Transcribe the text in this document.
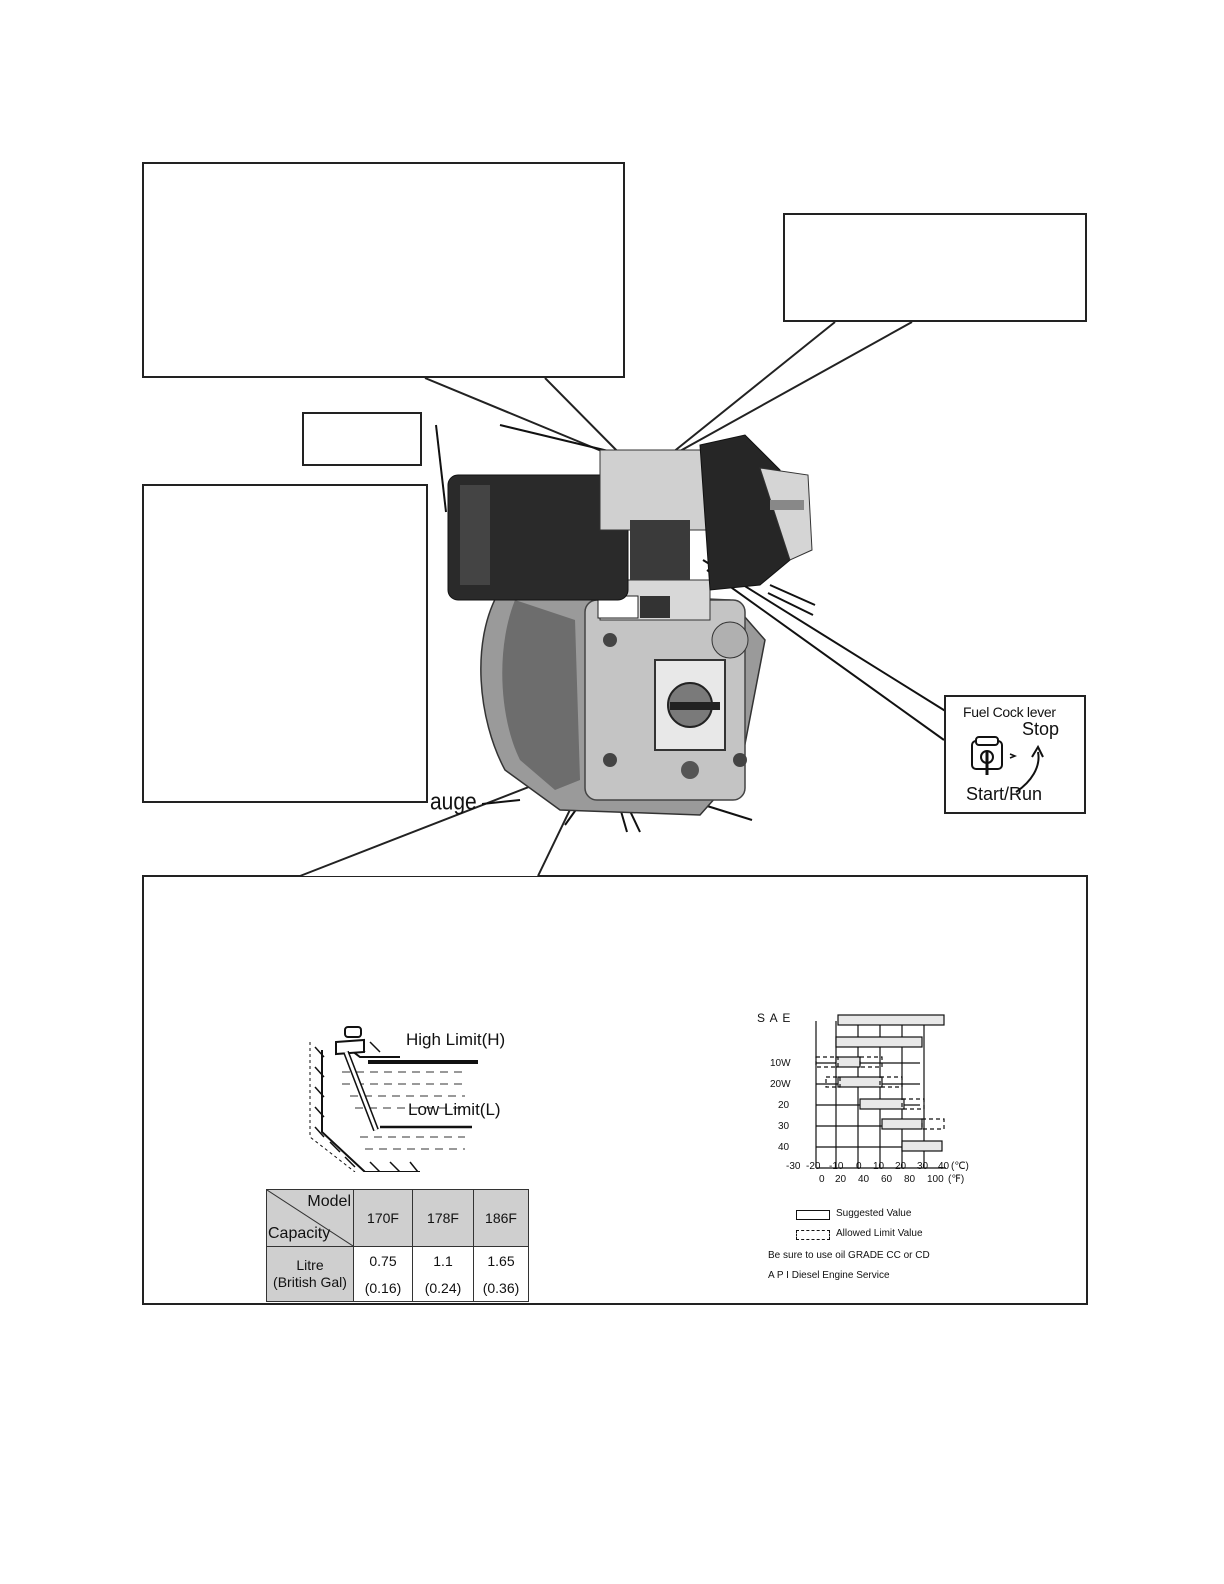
auge
Fuel Cock lever
Stop
Start/Run
High Limit(H)
Low Limit(L)
Model
Capacity	170F	178F	186F
Litre
(British Gal)	0.75	1.1	1.65
	(0.16)	(0.24)	(0.36)
S A E
10W
20W
20
30
40
-30 -20 -10 0 10 20 30 40 (℃)
0 20 40 60 80 100 (℉)
Suggested Value
Allowed Limit Value
Be sure to use oil GRADE CC or CD
A P I Diesel Engine Service
